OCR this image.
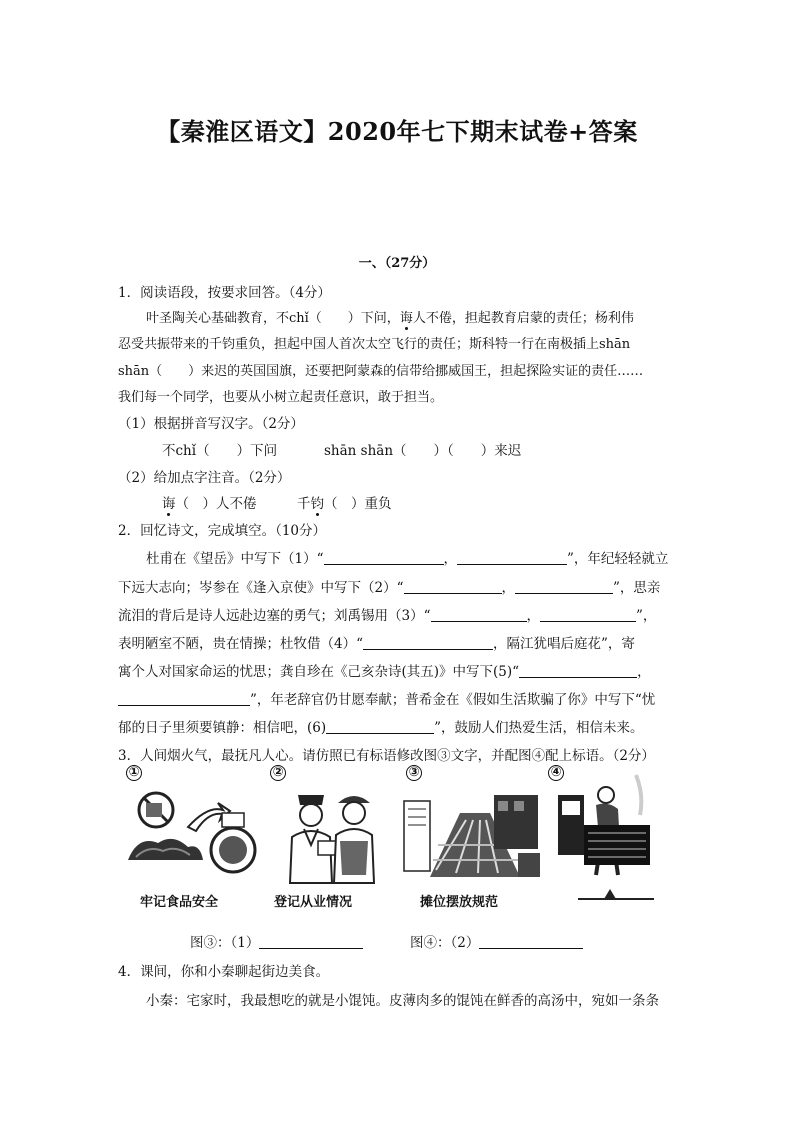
【秦淮区语文】2020年七下期末试卷+答案
一、（27分）
1．阅读语段，按要求回答。（4分）
叶圣陶关心基础教育，不chǐ（　　）下问，诲人不倦，担起教育启蒙的责任；杨利伟
忍受共振带来的千钧重负，担起中国人首次太空飞行的责任；斯科特一行在南极插上shān
shān（　　）来迟的英国国旗，还要把阿蒙森的信带给挪威国王，担起探险实证的责任……
我们每一个同学，也要从小树立起责任意识，敢于担当。
（1）根据拼音写汉字。（2分）
不chǐ（　　）下问	shān shān（　　）（　　）来迟
（2）给加点字注音。（2分）
诲（　）人不倦	千钧（　）重负
2．回忆诗文，完成填空。（10分）
杜甫在《望岳》中写下（1）“	，	”，年纪轻轻就立
下远大志向；岑参在《逢入京使》中写下（2）“	，	”，思亲
流泪的背后是诗人远赴边塞的勇气；刘禹锡用（3）“	，	”，
表明陋室不陋，贵在情操；杜牧借（4）“	，隔江犹唱后庭花”，寄
寓个人对国家命运的忧思；龚自珍在《己亥杂诗(其五)》中写下(5)“	，
”，年老辞官仍甘愿奉献；普希金在《假如生活欺骗了你》中写下“忧
郁的日子里须要镇静：相信吧，(6)	”，鼓励人们热爱生活，相信未来。
3．人间烟火气，最抚凡人心。请仿照已有标语修改图③文字，并配图④配上标语。（2分）
①
牢记食品安全
②
登记从业情况
③
摊位摆放规范
④
图③：（1）	图④：（2）
4．课间，你和小秦聊起街边美食。
小秦：宅家时，我最想吃的就是小馄饨。皮薄肉多的馄饨在鲜香的高汤中，宛如一条条
